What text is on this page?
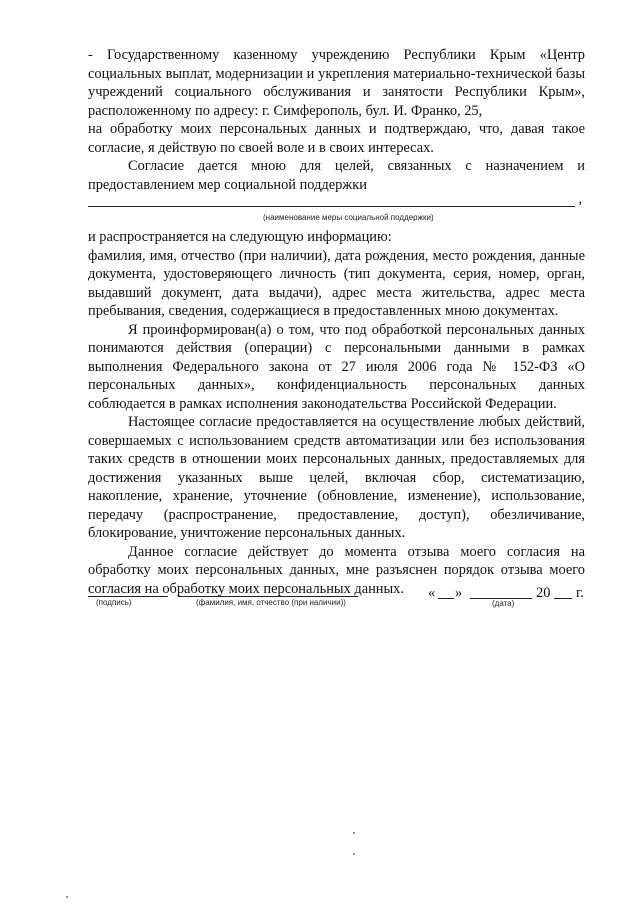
- Государственному казенному учреждению Республики Крым «Центр социальных выплат, модернизации и укрепления материально-технической базы учреждений социального обслуживания и занятости Республики Крым», расположенному по адресу: г. Симферополь, бул. И. Франко, 25,

на обработку моих персональных данных и подтверждаю, что, давая такое согласие, я действую по своей воле и в своих интересах.

Согласие дается мною для целей, связанных с назначением и предоставлением мер социальной поддержки

,
(наименование меры социальной поддержки)

и распространяется на следующую информацию:

фамилия, имя, отчество (при наличии), дата рождения, место рождения, данные документа, удостоверяющего личность (тип документа, серия, номер, орган, выдавший документ, дата выдачи), адрес места жительства, адрес места пребывания, сведения, содержащиеся в предоставленных мною документах.

Я проинформирован(а) о том, что под обработкой персональных данных понимаются действия (операции) с персональными данными в рамках выполнения Федерального закона от 27 июля 2006 года № 152-ФЗ «О персональных данных», конфиденциальность персональных данных соблюдается в рамках исполнения законодательства Российской Федерации.

Настоящее согласие предоставляется на осуществление любых действий, совершаемых с использованием средств автоматизации или без использования таких средств в отношении моих персональных данных, предоставляемых для достижения указанных выше целей, включая сбор, систематизацию, накопление, хранение, уточнение (обновление, изменение), использование, передачу (распространение, предоставление, доступ), обезличивание, блокирование, уничтожение персональных данных.

Данное согласие действует до момента отзыва моего согласия на обработку моих персональных данных, мне разъяснен порядок отзыва моего согласия на обработку моих персональных данных.

(подпись)	(фамилия, имя, отчество (при наличии))
« »	20 г.
(дата)
